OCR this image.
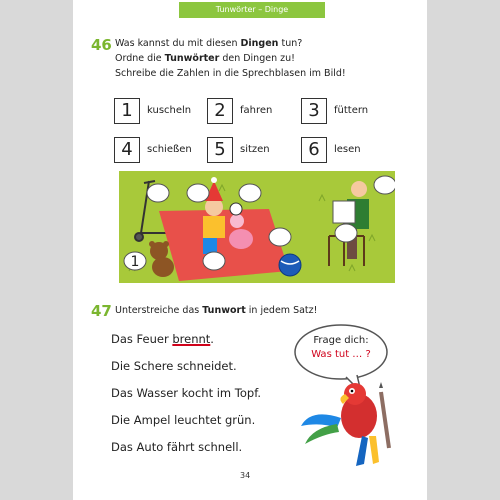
Tunwörter – Dinge
46 Was kannst du mit diesen Dingen tun?
Ordne die Tunwörter den Dingen zu!
Schreibe die Zahlen in die Sprechblasen im Bild!
1	kuscheln	2	fahren	3	füttern
4	schießen	5	sitzen	6	lesen
1
47 Unterstreiche das Tunwort in jedem Satz!
Das Feuer brennt.
Die Schere schneidet.
Das Wasser kocht im Topf.
Die Ampel leuchtet grün.
Das Auto fährt schnell.
Frage dich:
Was tut … ?
34
